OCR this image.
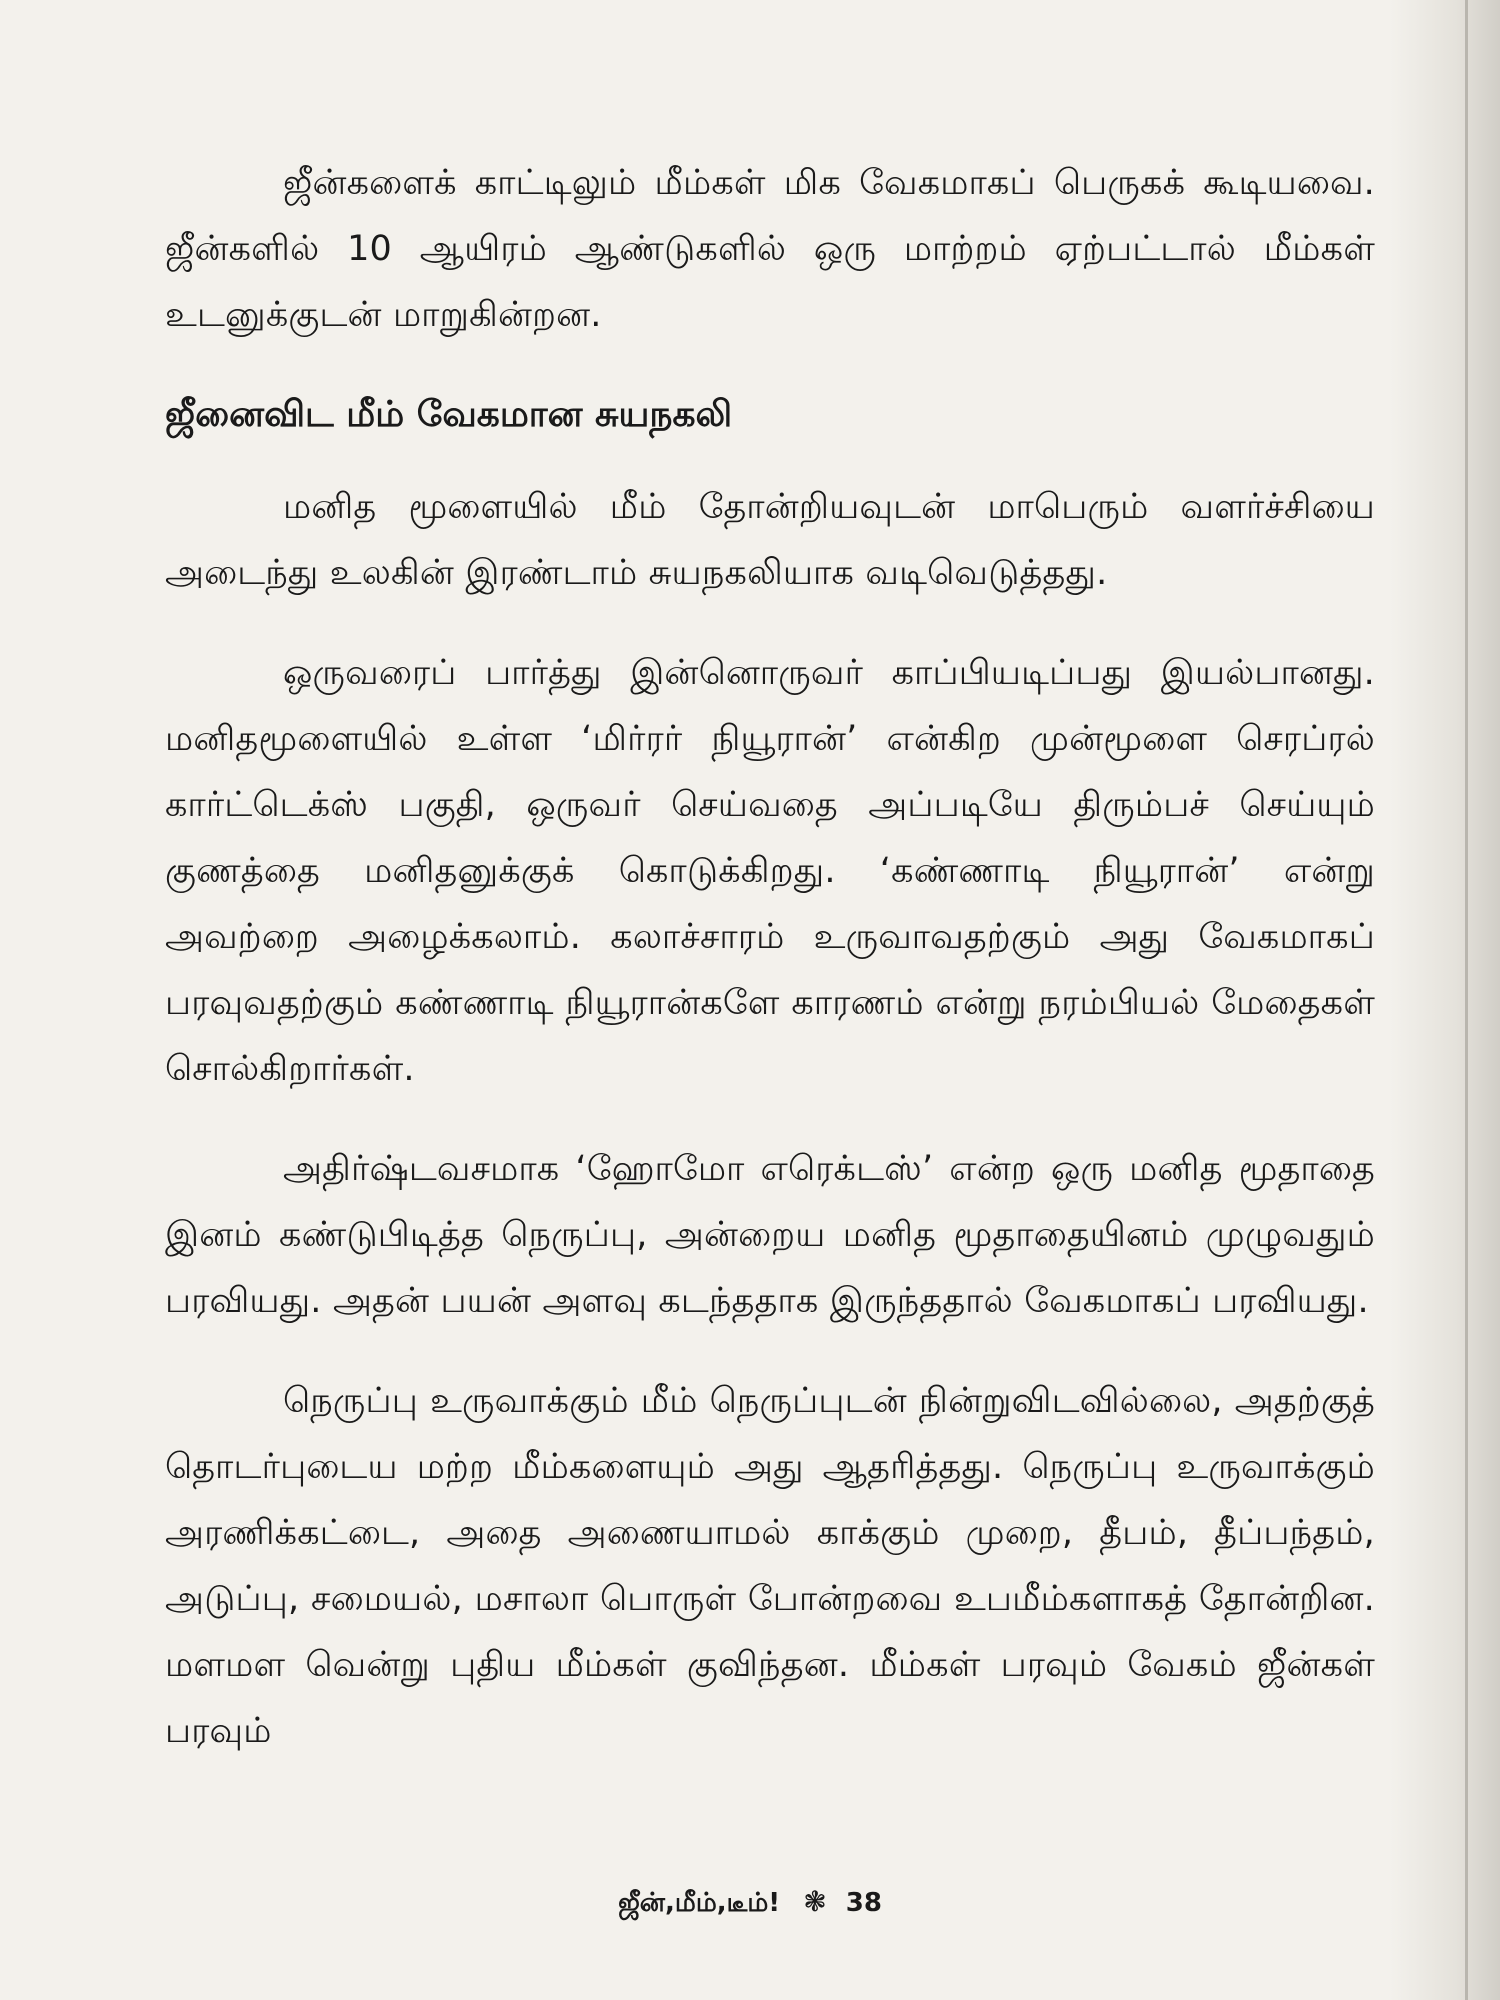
ஜீன்களைக் காட்டிலும் மீம்கள் மிக வேகமாகப் பெருகக் கூடியவை. ஜீன்களில் 10 ஆயிரம் ஆண்டுகளில் ஒரு மாற்றம் ஏற்பட்டால் மீம்கள் உடனுக்குடன் மாறுகின்றன.

ஜீனைவிட மீம் வேகமான சுயநகலி

மனித மூளையில் மீம் தோன்றியவுடன் மாபெரும் வளர்ச்சியை அடைந்து உலகின் இரண்டாம் சுயநகலியாக வடிவெடுத்தது.

ஒருவரைப் பார்த்து இன்னொருவர் காப்பியடிப்பது இயல்பானது. மனிதமூளையில் உள்ள ‘மிர்ரர் நியூரான்’ என்கிற முன்மூளை செரப்ரல் கார்ட்டெக்ஸ் பகுதி, ஒருவர் செய்வதை அப்படியே திரும்பச் செய்யும் குணத்தை மனிதனுக்குக் கொடுக்கிறது. ‘கண்ணாடி நியூரான்’ என்று அவற்றை அழைக்கலாம். கலாச்சாரம் உருவாவதற்கும் அது வேகமாகப் பரவுவதற்கும் கண்ணாடி நியூரான்களே காரணம் என்று நரம்பியல் மேதைகள் சொல்கிறார்கள்.

அதிர்ஷ்டவசமாக ‘ஹோமோ எரெக்டஸ்’ என்ற ஒரு மனித மூதாதை இனம் கண்டுபிடித்த நெருப்பு, அன்றைய மனித மூதாதையினம் முழுவதும் பரவியது. அதன் பயன் அளவு கடந்ததாக இருந்ததால் வேகமாகப் பரவியது.

நெருப்பு உருவாக்கும் மீம் நெருப்புடன் நின்றுவிடவில்லை, அதற்குத் தொடர்புடைய மற்ற மீம்களையும் அது ஆதரித்தது. நெருப்பு உருவாக்கும் அரணிக்கட்டை, அதை அணையாமல் காக்கும் முறை, தீபம், தீப்பந்தம், அடுப்பு, சமையல், மசாலா பொருள் போன்றவை உபமீம்களாகத் தோன்றின. மளமள வென்று புதிய மீம்கள் குவிந்தன. மீம்கள் பரவும் வேகம் ஜீன்கள் பரவும்

ஜீன்,மீம்,டீம்! ❃ 38
